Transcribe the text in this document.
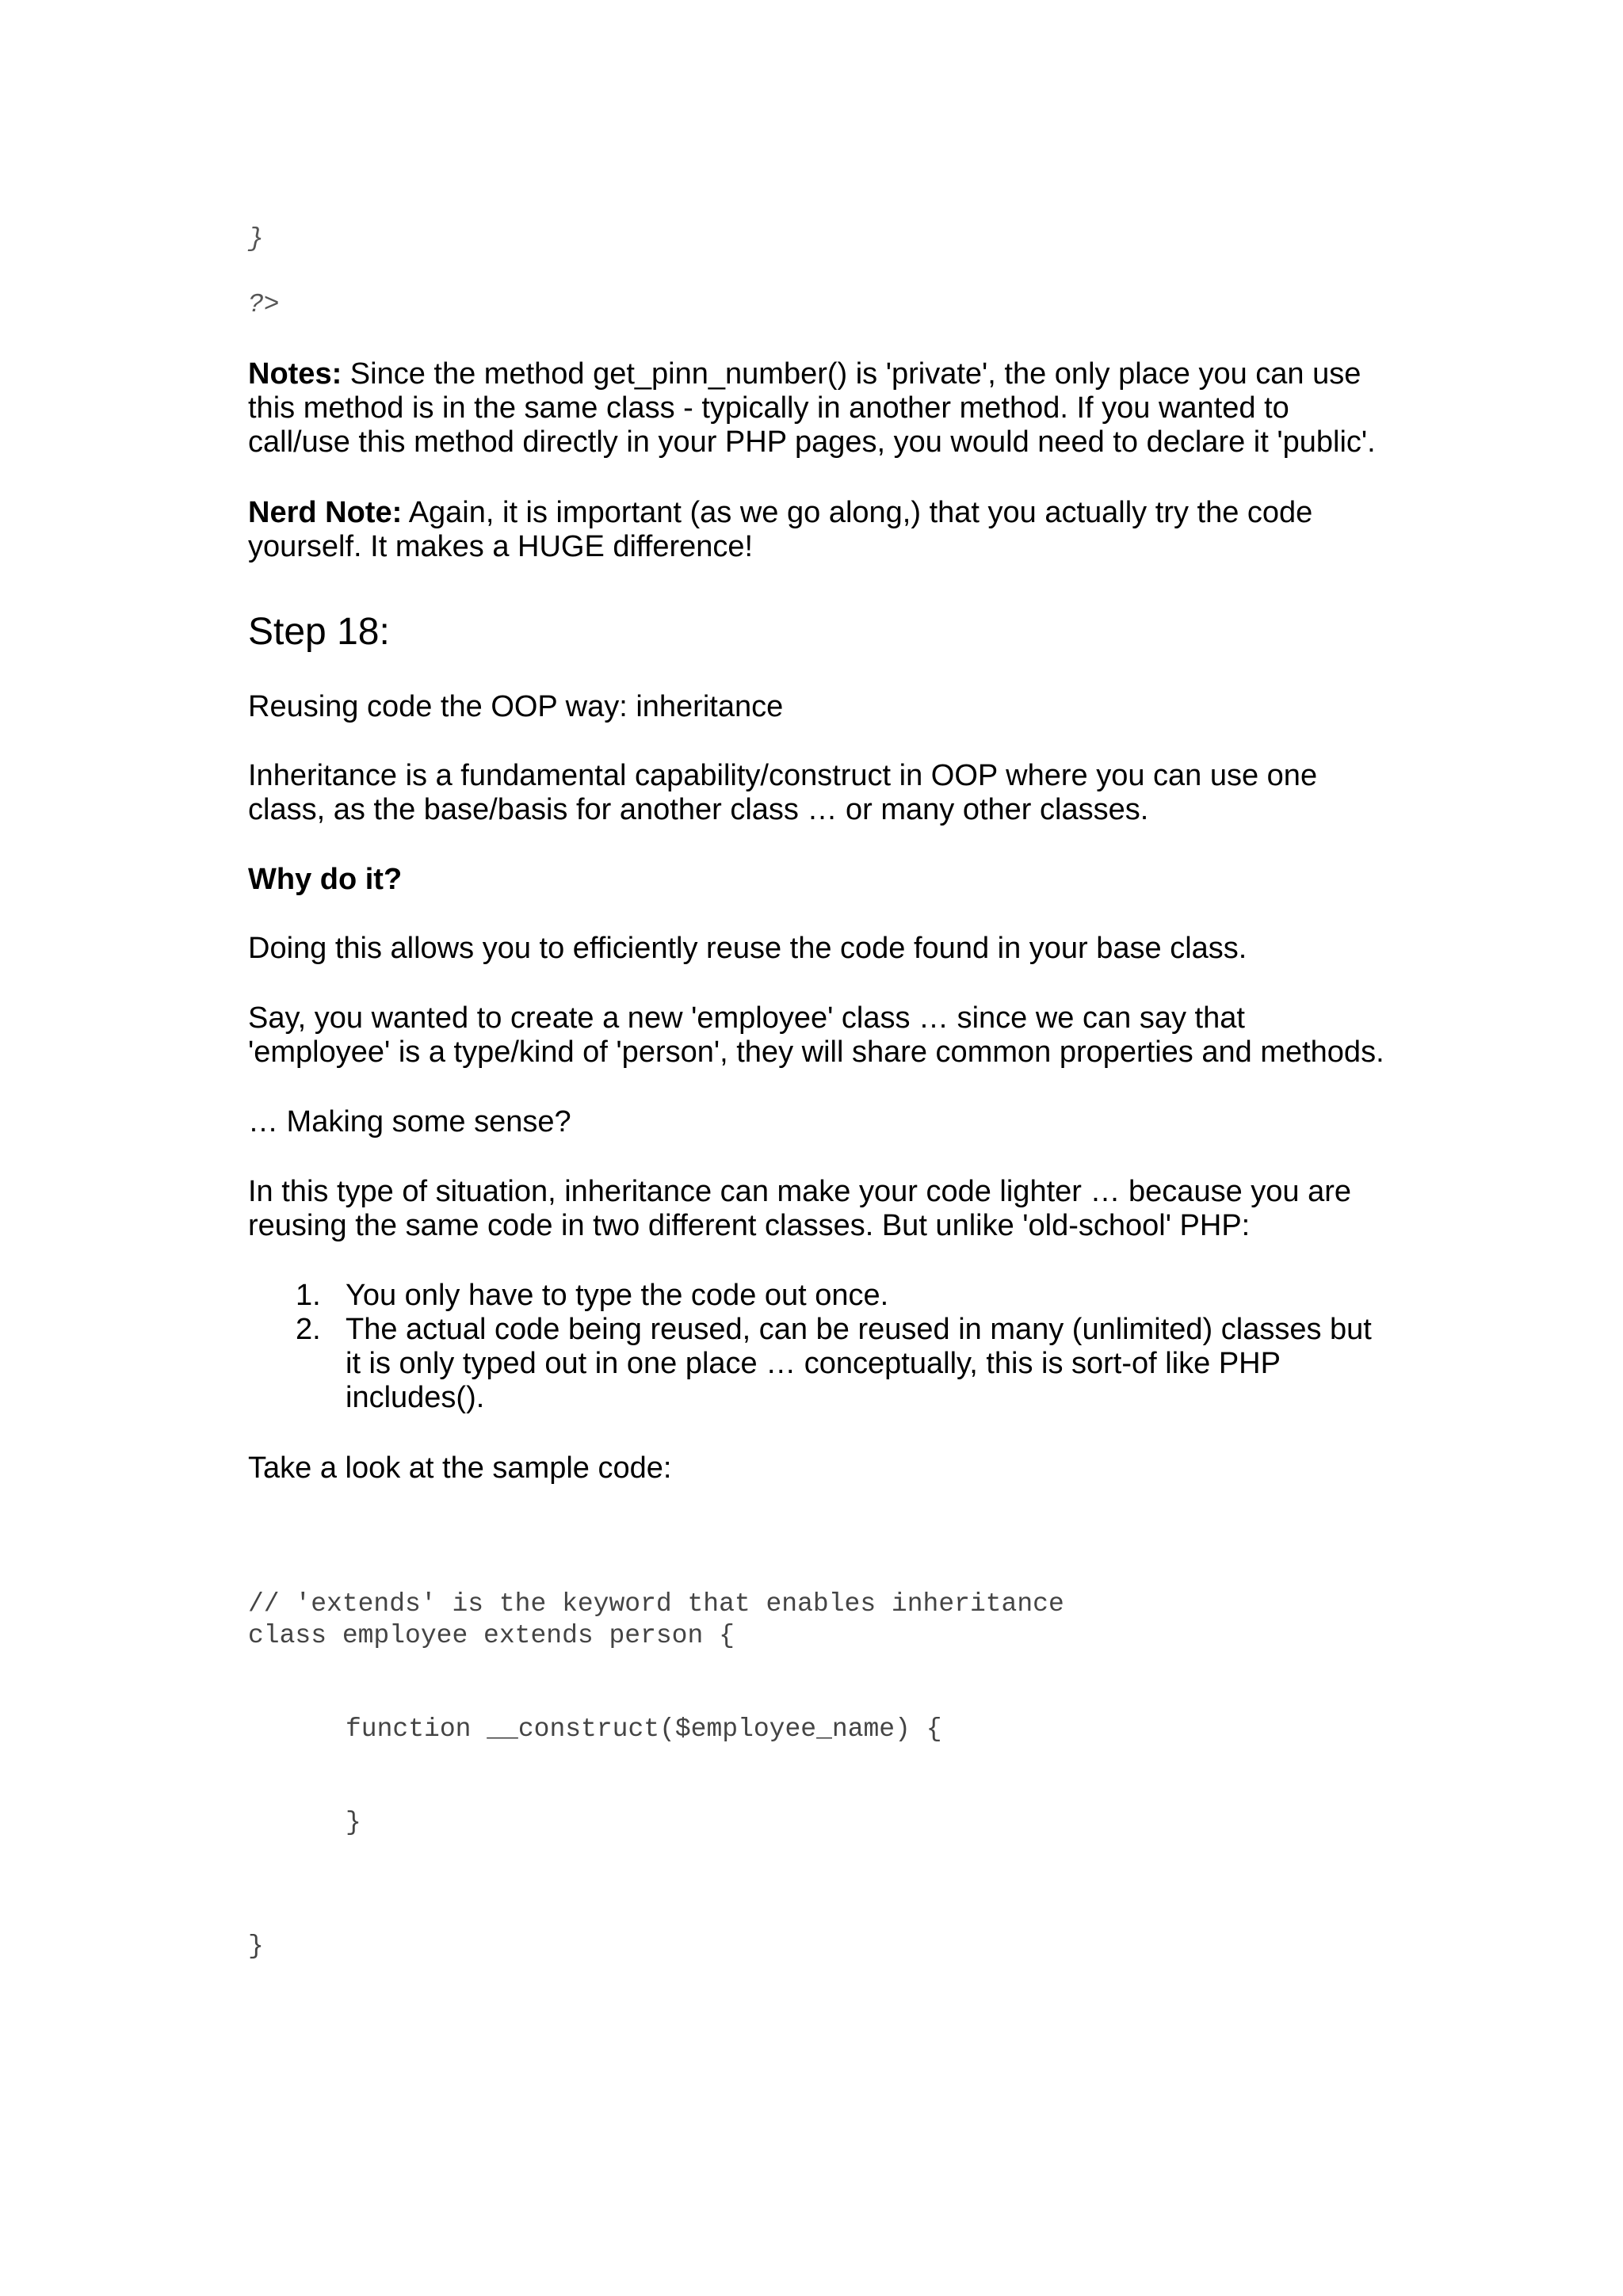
}
?>
Notes: Since the method get_pinn_number() is 'private', the only place you can use
this method is in the same class - typically in another method. If you wanted to
call/use this method directly in your PHP pages, you would need to declare it 'public'.
Nerd Note: Again, it is important (as we go along,) that you actually try the code
yourself. It makes a HUGE difference!
Step 18:
Reusing code the OOP way: inheritance
Inheritance is a fundamental capability/construct in OOP where you can use one
class, as the base/basis for another class … or many other classes.
Why do it?
Doing this allows you to efficiently reuse the code found in your base class.
Say, you wanted to create a new 'employee' class … since we can say that
'employee' is a type/kind of 'person', they will share common properties and methods.
… Making some sense?
In this type of situation, inheritance can make your code lighter … because you are
reusing the same code in two different classes. But unlike 'old-school' PHP:
1. You only have to type the code out once.
2. The actual code being reused, can be reused in many (unlimited) classes but
it is only typed out in one place … conceptually, this is sort-of like PHP
includes().
Take a look at the sample code:
// 'extends' is the keyword that enables inheritance
class employee extends person {
function __construct($employee_name) {
}
}
